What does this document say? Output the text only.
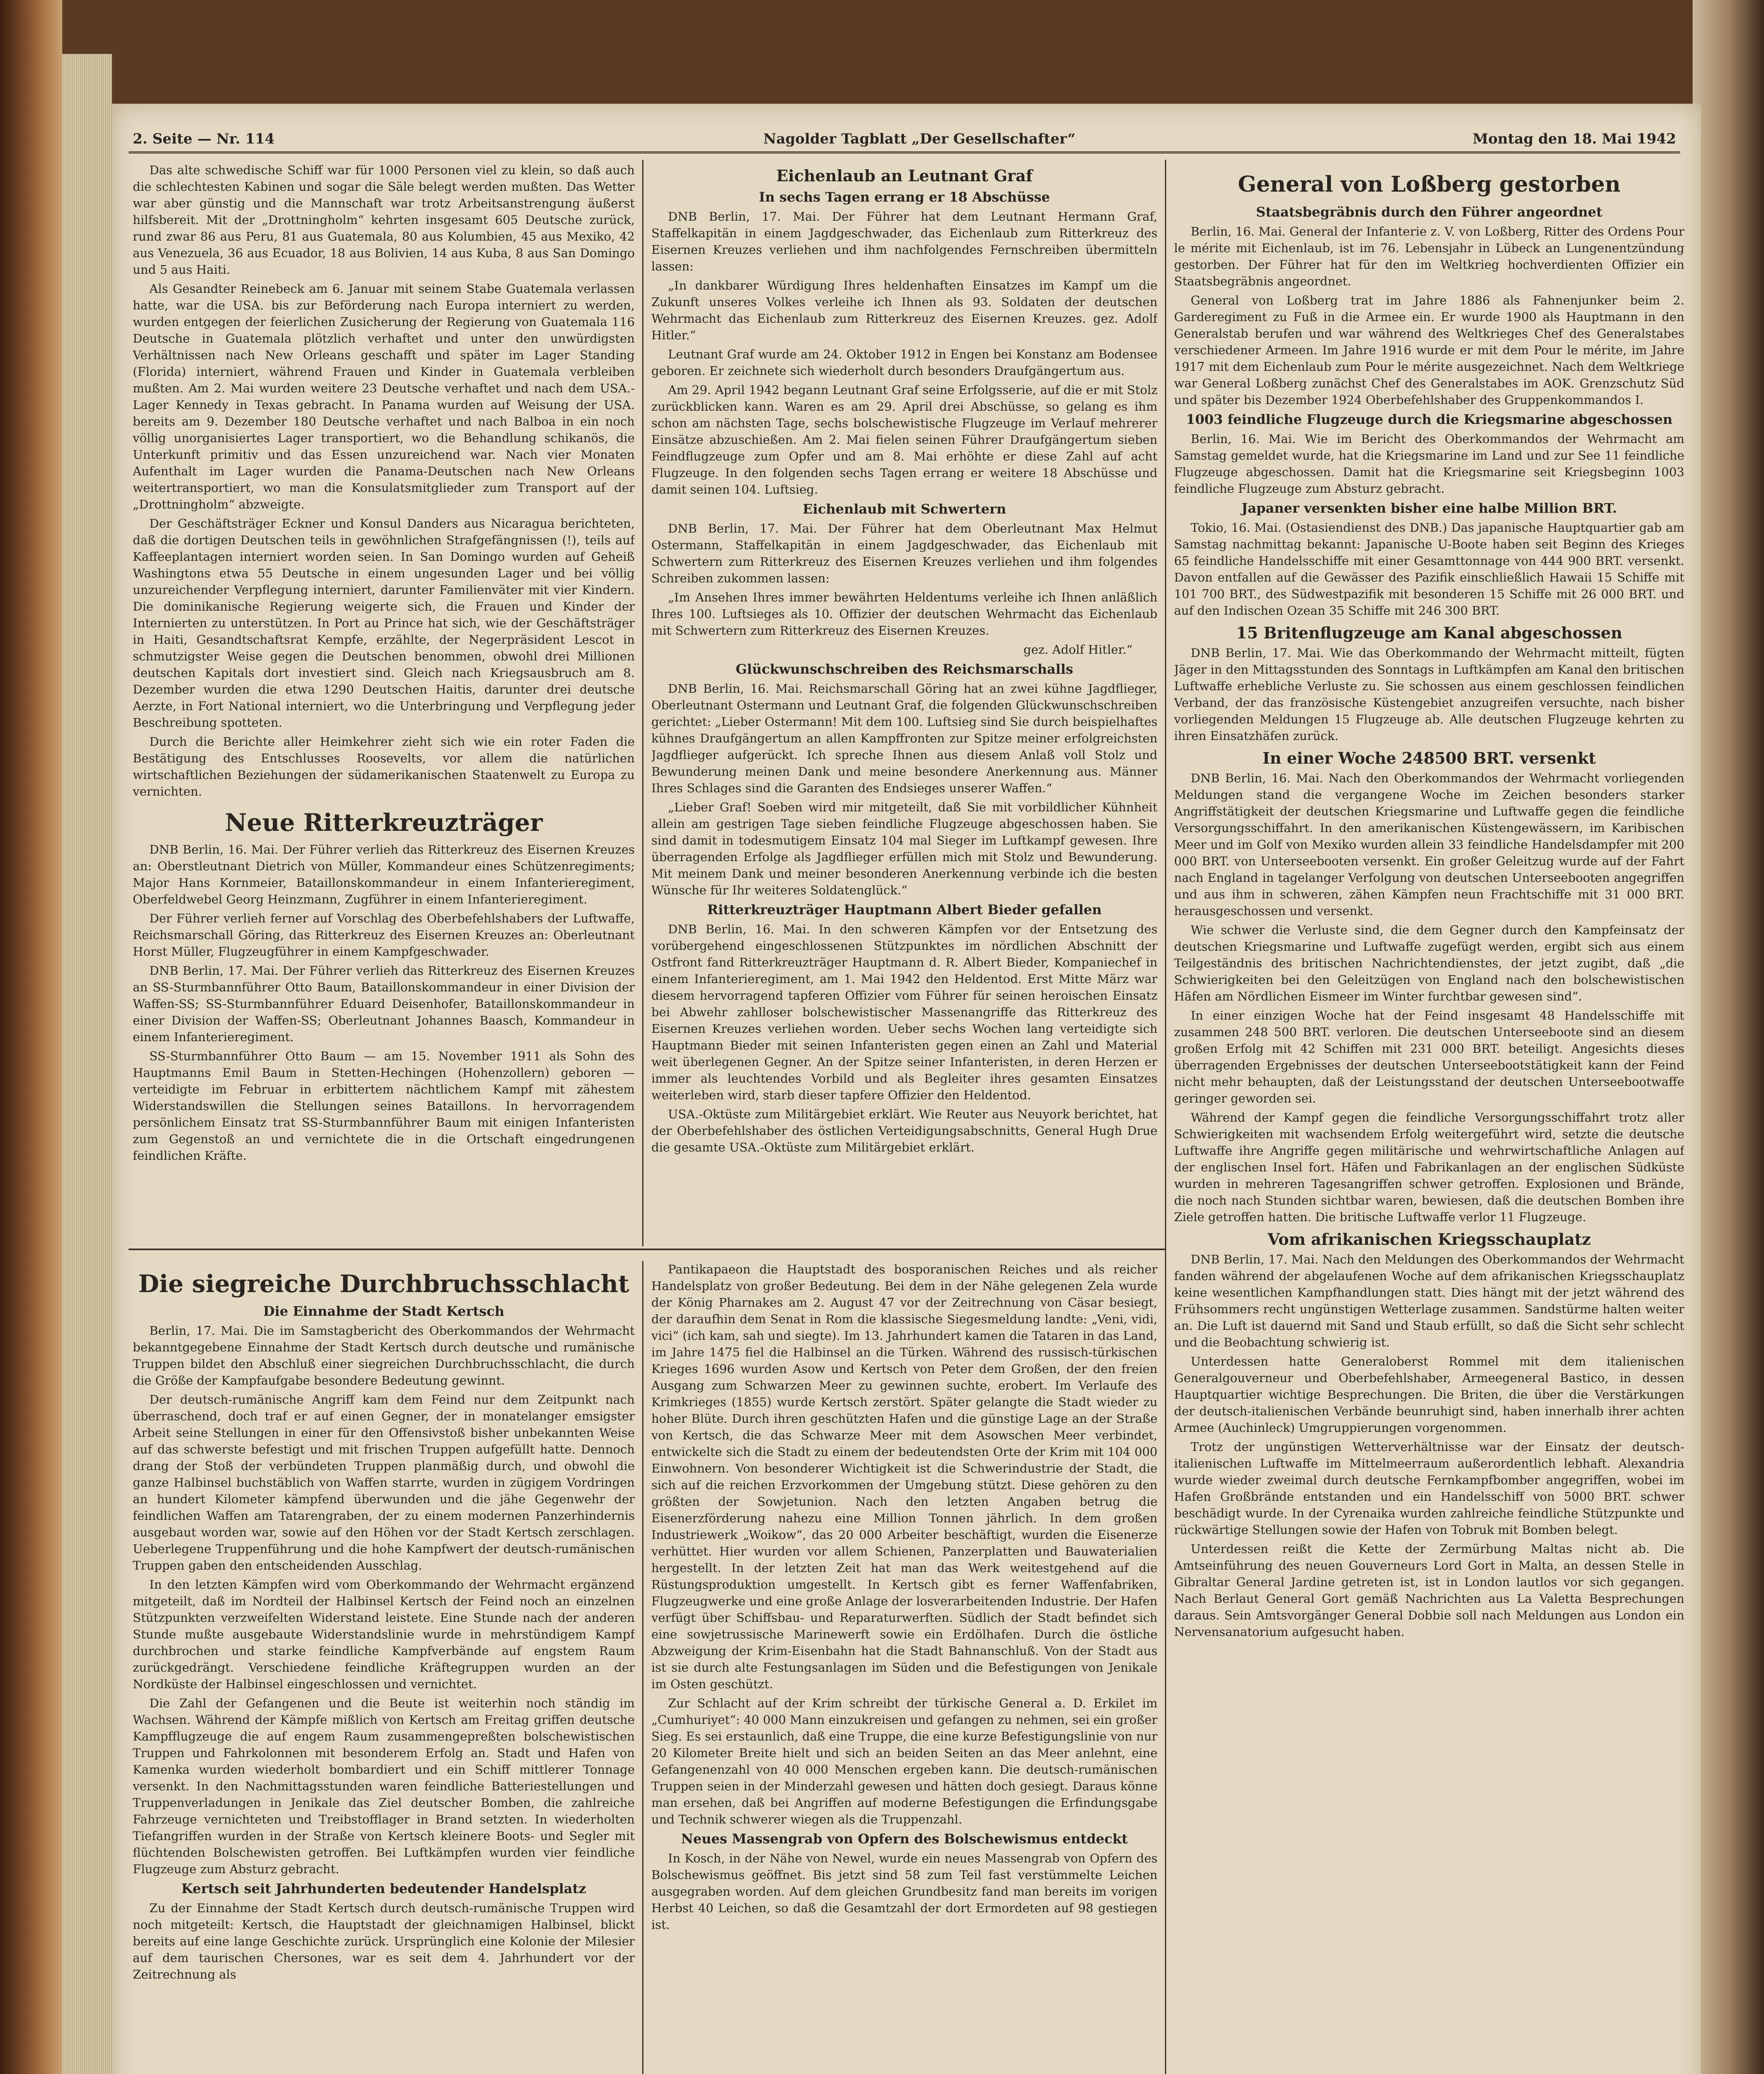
2. Seite — Nr. 114	Nagolder Tagblatt „Der Gesellschafter“	Montag den 18. Mai 1942

Das alte schwedische Schiff war für 1000 Personen viel zu klein, so daß auch die schlechtesten Kabinen und sogar die Säle belegt werden mußten. Das Wetter war aber günstig und die Mannschaft war trotz Arbeitsanstrengung äußerst hilfsbereit. Mit der „Drottningholm“ kehrten insgesamt 605 Deutsche zurück, rund zwar 86 aus Peru, 81 aus Guatemala, 80 aus Kolumbien, 45 aus Mexiko, 42 aus Venezuela, 36 aus Ecuador, 18 aus Bolivien, 14 aus Kuba, 8 aus San Domingo und 5 aus Haiti.

Als Gesandter Reinebeck am 6. Januar mit seinem Stabe Guatemala verlassen hatte, war die USA. bis zur Beförderung nach Europa interniert zu werden, wurden entgegen der feierlichen Zusicherung der Regierung von Guatemala 116 Deutsche in Guatemala plötzlich verhaftet und unter den unwürdigsten Verhältnissen nach New Orleans geschafft und später im Lager Standing (Florida) interniert, während Frauen und Kinder in Guatemala verbleiben mußten. Am 2. Mai wurden weitere 23 Deutsche verhaftet und nach dem USA.-Lager Kennedy in Texas gebracht. In Panama wurden auf Weisung der USA. bereits am 9. Dezember 180 Deutsche verhaftet und nach Balboa in ein noch völlig unorganisiertes Lager transportiert, wo die Behandlung schikanös, die Unterkunft primitiv und das Essen unzureichend war. Nach vier Monaten Aufenthalt im Lager wurden die Panama-Deutschen nach New Orleans weitertransportiert, wo man die Konsulatsmitglieder zum Transport auf der „Drottningholm“ abzweigte.

Der Geschäftsträger Eckner und Konsul Danders aus Nicaragua berichteten, daß die dortigen Deutschen teils in gewöhnlichen Strafgefängnissen (!), teils auf Kaffeeplantagen interniert worden seien. In San Domingo wurden auf Geheiß Washingtons etwa 55 Deutsche in einem ungesunden Lager und bei völlig unzureichender Verpflegung interniert, darunter Familienväter mit vier Kindern. Die dominikanische Regierung weigerte sich, die Frauen und Kinder der Internierten zu unterstützen. In Port au Prince hat sich, wie der Geschäftsträger in Haiti, Gesandtschaftsrat Kempfe, erzählte, der Negerpräsident Lescot in schmutzigster Weise gegen die Deutschen benommen, obwohl drei Millionen deutschen Kapitals dort investiert sind. Gleich nach Kriegsausbruch am 8. Dezember wurden die etwa 1290 Deutschen Haitis, darunter drei deutsche Aerzte, in Fort National interniert, wo die Unterbringung und Verpflegung jeder Beschreibung spotteten.

Durch die Berichte aller Heimkehrer zieht sich wie ein roter Faden die Bestätigung des Entschlusses Roosevelts, vor allem die natürlichen wirtschaftlichen Beziehungen der südamerikanischen Staatenwelt zu Europa zu vernichten.

Neue Ritterkreuzträger

DNB Berlin, 16. Mai. Der Führer verlieh das Ritterkreuz des Eisernen Kreuzes an: Oberstleutnant Dietrich von Müller, Kommandeur eines Schützenregiments; Major Hans Kornmeier, Bataillonskommandeur in einem Infanterieregiment, Oberfeldwebel Georg Heinzmann, Zugführer in einem Infanterieregiment.

Der Führer verlieh ferner auf Vorschlag des Oberbefehlshabers der Luftwaffe, Reichsmarschall Göring, das Ritterkreuz des Eisernen Kreuzes an: Oberleutnant Horst Müller, Flugzeugführer in einem Kampfgeschwader.

DNB Berlin, 17. Mai. Der Führer verlieh das Ritterkreuz des Eisernen Kreuzes an SS-Sturmbannführer Otto Baum, Bataillonskommandeur in einer Division der Waffen-SS; SS-Sturmbannführer Eduard Deisenhofer, Bataillonskommandeur in einer Division der Waffen-SS; Oberleutnant Johannes Baasch, Kommandeur in einem Infanterieregiment.

SS-Sturmbannführer Otto Baum — am 15. November 1911 als Sohn des Hauptmanns Emil Baum in Stetten-Hechingen (Hohenzollern) geboren — verteidigte im Februar in erbittertem nächtlichem Kampf mit zähestem Widerstandswillen die Stellungen seines Bataillons. In hervorragendem persönlichem Einsatz trat SS-Sturmbannführer Baum mit einigen Infanteristen zum Gegenstoß an und vernichtete die in die Ortschaft eingedrungenen feindlichen Kräfte.

Eichenlaub an Leutnant Graf
In sechs Tagen errang er 18 Abschüsse

DNB Berlin, 17. Mai. Der Führer hat dem Leutnant Hermann Graf, Staffelkapitän in einem Jagdgeschwader, das Eichenlaub zum Ritterkreuz des Eisernen Kreuzes verliehen und ihm nachfolgendes Fernschreiben übermitteln lassen:

„In dankbarer Würdigung Ihres heldenhaften Einsatzes im Kampf um die Zukunft unseres Volkes verleihe ich Ihnen als 93. Soldaten der deutschen Wehrmacht das Eichenlaub zum Ritterkreuz des Eisernen Kreuzes. gez. Adolf Hitler.“

Leutnant Graf wurde am 24. Oktober 1912 in Engen bei Konstanz am Bodensee geboren. Er zeichnete sich wiederholt durch besonders Draufgängertum aus.

Am 29. April 1942 begann Leutnant Graf seine Erfolgsserie, auf die er mit Stolz zurückblicken kann. Waren es am 29. April drei Abschüsse, so gelang es ihm schon am nächsten Tage, sechs bolschewistische Flugzeuge im Verlauf mehrerer Einsätze abzuschießen. Am 2. Mai fielen seinen Führer Draufgängertum sieben Feindflugzeuge zum Opfer und am 8. Mai erhöhte er diese Zahl auf acht Flugzeuge. In den folgenden sechs Tagen errang er weitere 18 Abschüsse und damit seinen 104. Luftsieg.

Eichenlaub mit Schwertern

DNB Berlin, 17. Mai. Der Führer hat dem Oberleutnant Max Helmut Ostermann, Staffelkapitän in einem Jagdgeschwader, das Eichenlaub mit Schwertern zum Ritterkreuz des Eisernen Kreuzes verliehen und ihm folgendes Schreiben zukommen lassen:

„Im Ansehen Ihres immer bewährten Heldentums verleihe ich Ihnen anläßlich Ihres 100. Luftsieges als 10. Offizier der deutschen Wehrmacht das Eichenlaub mit Schwertern zum Ritterkreuz des Eisernen Kreuzes.

gez. Adolf Hitler.“

Glückwunschschreiben des Reichsmarschalls

DNB Berlin, 16. Mai. Reichsmarschall Göring hat an zwei kühne Jagdflieger, Oberleutnant Ostermann und Leutnant Graf, die folgenden Glückwunschschreiben gerichtet: „Lieber Ostermann! Mit dem 100. Luftsieg sind Sie durch beispielhaftes kühnes Draufgängertum an allen Kampffronten zur Spitze meiner erfolgreichsten Jagdflieger aufgerückt. Ich spreche Ihnen aus diesem Anlaß voll Stolz und Bewunderung meinen Dank und meine besondere Anerkennung aus. Männer Ihres Schlages sind die Garanten des Endsieges unserer Waffen.“

„Lieber Graf! Soeben wird mir mitgeteilt, daß Sie mit vorbildlicher Kühnheit allein am gestrigen Tage sieben feindliche Flugzeuge abgeschossen haben. Sie sind damit in todesmutigem Einsatz 104 mal Sieger im Luftkampf gewesen. Ihre überragenden Erfolge als Jagdflieger erfüllen mich mit Stolz und Bewunderung. Mit meinem Dank und meiner besonderen Anerkennung verbinde ich die besten Wünsche für Ihr weiteres Soldatenglück.“

Ritterkreuzträger Hauptmann Albert Bieder gefallen

DNB Berlin, 16. Mai. In den schweren Kämpfen vor der Entsetzung des vorübergehend eingeschlossenen Stützpunktes im nördlichen Abschnitt der Ostfront fand Ritterkreuzträger Hauptmann d. R. Albert Bieder, Kompaniechef in einem Infanterieregiment, am 1. Mai 1942 den Heldentod. Erst Mitte März war diesem hervorragend tapferen Offizier vom Führer für seinen heroischen Einsatz bei Abwehr zahlloser bolschewistischer Massenangriffe das Ritterkreuz des Eisernen Kreuzes verliehen worden. Ueber sechs Wochen lang verteidigte sich Hauptmann Bieder mit seinen Infanteristen gegen einen an Zahl und Material weit überlegenen Gegner. An der Spitze seiner Infanteristen, in deren Herzen er immer als leuchtendes Vorbild und als Begleiter ihres gesamten Einsatzes weiterleben wird, starb dieser tapfere Offizier den Heldentod.

USA.-Oktüste zum Militärgebiet erklärt. Wie Reuter aus Neuyork berichtet, hat der Oberbefehlshaber des östlichen Verteidigungsabschnitts, General Hugh Drue die gesamte USA.-Oktüste zum Militärgebiet erklärt.

General von Loßberg gestorben
Staatsbegräbnis durch den Führer angeordnet

Berlin, 16. Mai. General der Infanterie z. V. von Loßberg, Ritter des Ordens Pour le mérite mit Eichenlaub, ist im 76. Lebensjahr in Lübeck an Lungenentzündung gestorben. Der Führer hat für den im Weltkrieg hochverdienten Offizier ein Staatsbegräbnis angeordnet.

General von Loßberg trat im Jahre 1886 als Fahnenjunker beim 2. Garderegiment zu Fuß in die Armee ein. Er wurde 1900 als Hauptmann in den Generalstab berufen und war während des Weltkrieges Chef des Generalstabes verschiedener Armeen. Im Jahre 1916 wurde er mit dem Pour le mérite, im Jahre 1917 mit dem Eichenlaub zum Pour le mérite ausgezeichnet. Nach dem Weltkriege war General Loßberg zunächst Chef des Generalstabes im AOK. Grenzschutz Süd und später bis Dezember 1924 Oberbefehlshaber des Gruppenkommandos I.

1003 feindliche Flugzeuge durch die Kriegsmarine abgeschossen

Berlin, 16. Mai. Wie im Bericht des Oberkommandos der Wehrmacht am Samstag gemeldet wurde, hat die Kriegsmarine im Land und zur See 11 feindliche Flugzeuge abgeschossen. Damit hat die Kriegsmarine seit Kriegsbeginn 1003 feindliche Flugzeuge zum Absturz gebracht.

Japaner versenkten bisher eine halbe Million BRT.

Tokio, 16. Mai. (Ostasiendienst des DNB.) Das japanische Hauptquartier gab am Samstag nachmittag bekannt: Japanische U-Boote haben seit Beginn des Krieges 65 feindliche Handelsschiffe mit einer Gesamttonnage von 444 900 BRT. versenkt. Davon entfallen auf die Gewässer des Pazifik einschließlich Hawaii 15 Schiffe mit 101 700 BRT., des Südwestpazifik mit besonderen 15 Schiffe mit 26 000 BRT. und auf den Indischen Ozean 35 Schiffe mit 246 300 BRT.

15 Britenflugzeuge am Kanal abgeschossen

DNB Berlin, 17. Mai. Wie das Oberkommando der Wehrmacht mitteilt, fügten Jäger in den Mittagsstunden des Sonntags in Luftkämpfen am Kanal den britischen Luftwaffe erhebliche Verluste zu. Sie schossen aus einem geschlossen feindlichen Verband, der das französische Küstengebiet anzugreifen versuchte, nach bisher vorliegenden Meldungen 15 Flugzeuge ab. Alle deutschen Flugzeuge kehrten zu ihren Einsatzhäfen zurück.

In einer Woche 248500 BRT. versenkt

DNB Berlin, 16. Mai. Nach den Oberkommandos der Wehrmacht vorliegenden Meldungen stand die vergangene Woche im Zeichen besonders starker Angriffstätigkeit der deutschen Kriegsmarine und Luftwaffe gegen die feindliche Versorgungsschiffahrt. In den amerikanischen Küstengewässern, im Karibischen Meer und im Golf von Mexiko wurden allein 33 feindliche Handelsdampfer mit 200 000 BRT. von Unterseebooten versenkt. Ein großer Geleitzug wurde auf der Fahrt nach England in tagelanger Verfolgung von deutschen Unterseebooten angegriffen und aus ihm in schweren, zähen Kämpfen neun Frachtschiffe mit 31 000 BRT. herausgeschossen und versenkt.

Wie schwer die Verluste sind, die dem Gegner durch den Kampfeinsatz der deutschen Kriegsmarine und Luftwaffe zugefügt werden, ergibt sich aus einem Teilgeständnis des britischen Nachrichtendienstes, der jetzt zugibt, daß „die Schwierigkeiten bei den Geleitzügen von England nach den bolschewistischen Häfen am Nördlichen Eismeer im Winter furchtbar gewesen sind“.

In einer einzigen Woche hat der Feind insgesamt 48 Handelsschiffe mit zusammen 248 500 BRT. verloren. Die deutschen Unterseeboote sind an diesem großen Erfolg mit 42 Schiffen mit 231 000 BRT. beteiligt. Angesichts dieses überragenden Ergebnisses der deutschen Unterseebootstätigkeit kann der Feind nicht mehr behaupten, daß der Leistungsstand der deutschen Unterseebootwaffe geringer geworden sei.

Während der Kampf gegen die feindliche Versorgungsschiffahrt trotz aller Schwierigkeiten mit wachsendem Erfolg weitergeführt wird, setzte die deutsche Luftwaffe ihre Angriffe gegen militärische und wehrwirtschaftliche Anlagen auf der englischen Insel fort. Häfen und Fabrikanlagen an der englischen Südküste wurden in mehreren Tagesangriffen schwer getroffen. Explosionen und Brände, die noch nach Stunden sichtbar waren, bewiesen, daß die deutschen Bomben ihre Ziele getroffen hatten. Die britische Luftwaffe verlor 11 Flugzeuge.

Vom afrikanischen Kriegsschauplatz

DNB Berlin, 17. Mai. Nach den Meldungen des Oberkommandos der Wehrmacht fanden während der abgelaufenen Woche auf dem afrikanischen Kriegsschauplatz keine wesentlichen Kampfhandlungen statt. Dies hängt mit der jetzt während des Frühsommers recht ungünstigen Wetterlage zusammen. Sandstürme halten weiter an. Die Luft ist dauernd mit Sand und Staub erfüllt, so daß die Sicht sehr schlecht und die Beobachtung schwierig ist.

Unterdessen hatte Generaloberst Rommel mit dem italienischen Generalgouverneur und Oberbefehlshaber, Armeegeneral Bastico, in dessen Hauptquartier wichtige Besprechungen. Die Briten, die über die Verstärkungen der deutsch-italienischen Verbände beunruhigt sind, haben innerhalb ihrer achten Armee (Auchinleck) Umgruppierungen vorgenommen.

Trotz der ungünstigen Wetterverhältnisse war der Einsatz der deutsch-italienischen Luftwaffe im Mittelmeerraum außerordentlich lebhaft. Alexandria wurde wieder zweimal durch deutsche Fernkampfbomber angegriffen, wobei im Hafen Großbrände entstanden und ein Handelsschiff von 5000 BRT. schwer beschädigt wurde. In der Cyrenaika wurden zahlreiche feindliche Stützpunkte und rückwärtige Stellungen sowie der Hafen von Tobruk mit Bomben belegt.

Unterdessen reißt die Kette der Zermürbung Maltas nicht ab. Die Amtseinführung des neuen Gouverneurs Lord Gort in Malta, an dessen Stelle in Gibraltar General Jardine getreten ist, ist in London lautlos vor sich gegangen. Nach Berlaut General Gort gemäß Nachrichten aus La Valetta Besprechungen daraus. Sein Amtsvorgänger General Dobbie soll nach Meldungen aus London ein Nervensanatorium aufgesucht haben.

Die siegreiche Durchbruchsschlacht
Die Einnahme der Stadt Kertsch

Berlin, 17. Mai. Die im Samstagbericht des Oberkommandos der Wehrmacht bekanntgegebene Einnahme der Stadt Kertsch durch deutsche und rumänische Truppen bildet den Abschluß einer siegreichen Durchbruchsschlacht, die durch die Größe der Kampfaufgabe besondere Bedeutung gewinnt.

Der deutsch-rumänische Angriff kam dem Feind nur dem Zeitpunkt nach überraschend, doch traf er auf einen Gegner, der in monatelanger emsigster Arbeit seine Stellungen in einer für den Offensivstoß bisher unbekannten Weise auf das schwerste befestigt und mit frischen Truppen aufgefüllt hatte. Dennoch drang der Stoß der verbündeten Truppen planmäßig durch, und obwohl die ganze Halbinsel buchstäblich von Waffen starrte, wurden in zügigem Vordringen an hundert Kilometer kämpfend überwunden und die jähe Gegenwehr der feindlichen Waffen am Tatarengraben, der zu einem modernen Panzerhindernis ausgebaut worden war, sowie auf den Höhen vor der Stadt Kertsch zerschlagen. Ueberlegene Truppenführung und die hohe Kampfwert der deutsch-rumänischen Truppen gaben den entscheidenden Ausschlag.

In den letzten Kämpfen wird vom Oberkommando der Wehrmacht ergänzend mitgeteilt, daß im Nordteil der Halbinsel Kertsch der Feind noch an einzelnen Stützpunkten verzweifelten Widerstand leistete. Eine Stunde nach der anderen Stunde mußte ausgebaute Widerstandslinie wurde in mehrstündigem Kampf durchbrochen und starke feindliche Kampfverbände auf engstem Raum zurückgedrängt. Verschiedene feindliche Kräftegruppen wurden an der Nordküste der Halbinsel eingeschlossen und vernichtet.

Die Zahl der Gefangenen und die Beute ist weiterhin noch ständig im Wachsen. Während der Kämpfe mißlich von Kertsch am Freitag griffen deutsche Kampfflugzeuge die auf engem Raum zusammengepreßten bolschewistischen Truppen und Fahrkolonnen mit besonderem Erfolg an. Stadt und Hafen von Kamenka wurden wiederholt bombardiert und ein Schiff mittlerer Tonnage versenkt. In den Nachmittagsstunden waren feindliche Batteriestellungen und Truppenverladungen in Jenikale das Ziel deutscher Bomben, die zahlreiche Fahrzeuge vernichteten und Treibstofflager in Brand setzten. In wiederholten Tiefangriffen wurden in der Straße von Kertsch kleinere Boots- und Segler mit flüchtenden Bolschewisten getroffen. Bei Luftkämpfen wurden vier feindliche Flugzeuge zum Absturz gebracht.

Kertsch seit Jahrhunderten bedeutender Handelsplatz

Zu der Einnahme der Stadt Kertsch durch deutsch-rumänische Truppen wird noch mitgeteilt: Kertsch, die Hauptstadt der gleichnamigen Halbinsel, blickt bereits auf eine lange Geschichte zurück. Ursprünglich eine Kolonie der Milesier auf dem taurischen Chersones, war es seit dem 4. Jahrhundert vor der Zeitrechnung als

Pantikapaeon die Hauptstadt des bosporanischen Reiches und als reicher Handelsplatz von großer Bedeutung. Bei dem in der Nähe gelegenen Zela wurde der König Pharnakes am 2. August 47 vor der Zeitrechnung von Cäsar besiegt, der daraufhin dem Senat in Rom die klassische Siegesmeldung landte: „Veni, vidi, vici“ (ich kam, sah und siegte). Im 13. Jahrhundert kamen die Tataren in das Land, im Jahre 1475 fiel die Halbinsel an die Türken. Während des russisch-türkischen Krieges 1696 wurden Asow und Kertsch von Peter dem Großen, der den freien Ausgang zum Schwarzen Meer zu gewinnen suchte, erobert. Im Verlaufe des Krimkrieges (1855) wurde Kertsch zerstört. Später gelangte die Stadt wieder zu hoher Blüte. Durch ihren geschützten Hafen und die günstige Lage an der Straße von Kertsch, die das Schwarze Meer mit dem Asowschen Meer verbindet, entwickelte sich die Stadt zu einem der bedeutendsten Orte der Krim mit 104 000 Einwohnern. Von besonderer Wichtigkeit ist die Schwerindustrie der Stadt, die sich auf die reichen Erzvorkommen der Umgebung stützt. Diese gehören zu den größten der Sowjetunion. Nach den letzten Angaben betrug die Eisenerzförderung nahezu eine Million Tonnen jährlich. In dem großen Industriewerk „Woikow“, das 20 000 Arbeiter beschäftigt, wurden die Eisenerze verhüttet. Hier wurden vor allem Schienen, Panzerplatten und Bauwaterialien hergestellt. In der letzten Zeit hat man das Werk weitestgehend auf die Rüstungsproduktion umgestellt. In Kertsch gibt es ferner Waffenfabriken, Flugzeugwerke und eine große Anlage der losverarbeitenden Industrie. Der Hafen verfügt über Schiffsbau- und Reparaturwerften. Südlich der Stadt befindet sich eine sowjetrussische Marinewerft sowie ein Erdölhafen. Durch die östliche Abzweigung der Krim-Eisenbahn hat die Stadt Bahnanschluß. Von der Stadt aus ist sie durch alte Festungsanlagen im Süden und die Befestigungen von Jenikale im Osten geschützt.

Zur Schlacht auf der Krim schreibt der türkische General a. D. Erkilet im „Cumhuriyet“: 40 000 Mann einzukreisen und gefangen zu nehmen, sei ein großer Sieg. Es sei erstaunlich, daß eine Truppe, die eine kurze Befestigungslinie von nur 20 Kilometer Breite hielt und sich an beiden Seiten an das Meer anlehnt, eine Gefangenenzahl von 40 000 Menschen ergeben kann. Die deutsch-rumänischen Truppen seien in der Minderzahl gewesen und hätten doch gesiegt. Daraus könne man ersehen, daß bei Angriffen auf moderne Befestigungen die Erfindungsgabe und Technik schwerer wiegen als die Truppenzahl.

Neues Massengrab von Opfern des Bolschewismus entdeckt

In Kosch, in der Nähe von Newel, wurde ein neues Massengrab von Opfern des Bolschewismus geöffnet. Bis jetzt sind 58 zum Teil fast verstümmelte Leichen ausgegraben worden. Auf dem gleichen Grundbesitz fand man bereits im vorigen Herbst 40 Leichen, so daß die Gesamtzahl der dort Ermordeten auf 98 gestiegen ist.
